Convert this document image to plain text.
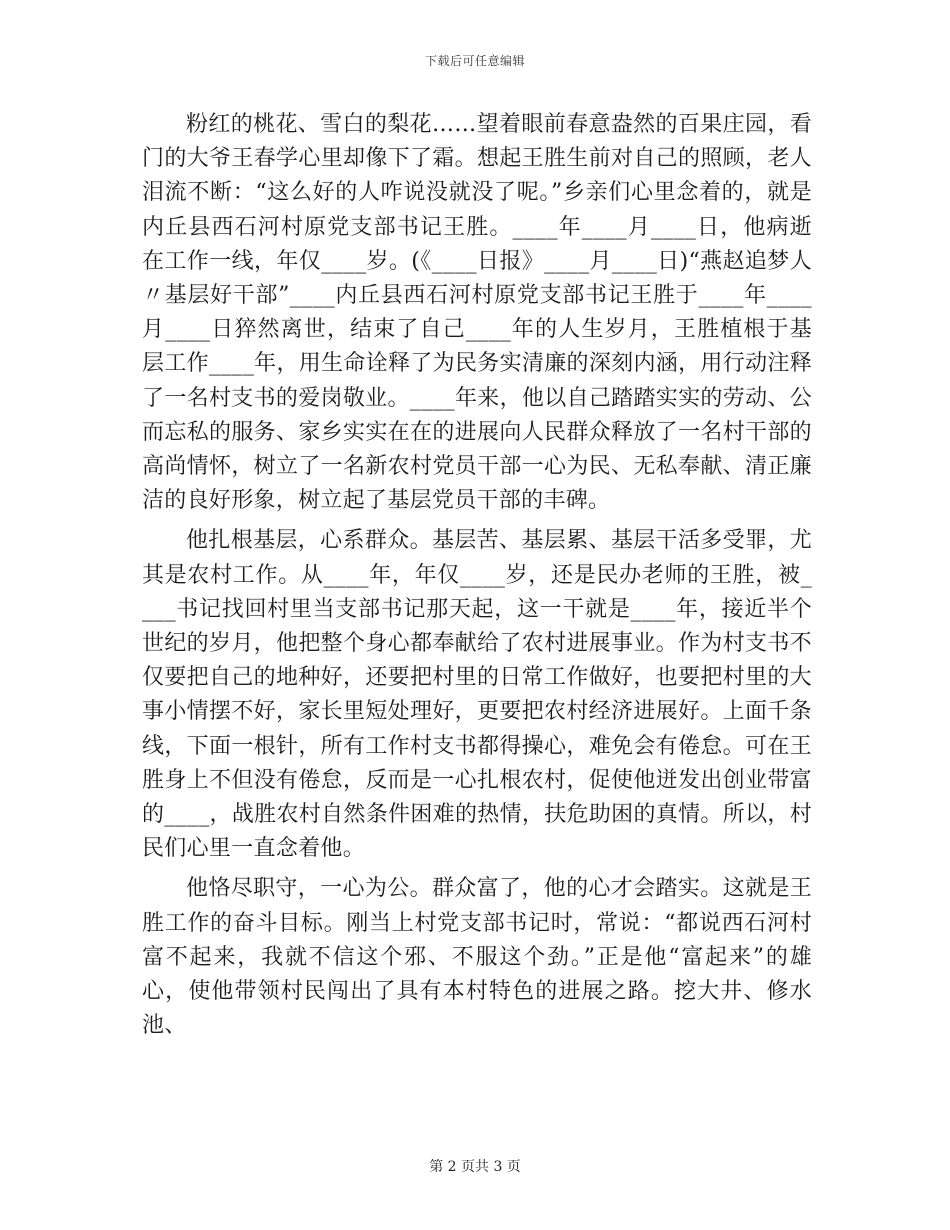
下载后可任意编辑

粉红的桃花、雪白的梨花……望着眼前春意盎然的百果庄园，看门的大爷王春学心里却像下了霜。想起王胜生前对自己的照顾，老人泪流不断：“这么好的人咋说没就没了呢。”乡亲们心里念着的，就是内丘县西石河村原党支部书记王胜。____年____月____日，他病逝在工作一线，年仅____岁。(《____日报》____月____日)“燕赵追梦人〃基层好干部”____内丘县西石河村原党支部书记王胜于____年____月____日猝然离世，结束了自己____年的人生岁月，王胜植根于基层工作____年，用生命诠释了为民务实清廉的深刻内涵，用行动注释了一名村支书的爱岗敬业。____年来，他以自己踏踏实实的劳动、公而忘私的服务、家乡实实在在的进展向人民群众释放了一名村干部的高尚情怀，树立了一名新农村党员干部一心为民、无私奉献、清正廉洁的良好形象，树立起了基层党员干部的丰碑。

他扎根基层，心系群众。基层苦、基层累、基层干活多受罪，尤其是农村工作。从____年，年仅____岁，还是民办老师的王胜，被____书记找回村里当支部书记那天起，这一干就是____年，接近半个世纪的岁月，他把整个身心都奉献给了农村进展事业。作为村支书不仅要把自己的地种好，还要把村里的日常工作做好，也要把村里的大事小情摆不好，家长里短处理好，更要把农村经济进展好。上面千条线，下面一根针，所有工作村支书都得操心，难免会有倦怠。可在王胜身上不但没有倦怠，反而是一心扎根农村，促使他迸发出创业带富的____，战胜农村自然条件困难的热情，扶危助困的真情。所以，村民们心里一直念着他。

他恪尽职守，一心为公。群众富了，他的心才会踏实。这就是王胜工作的奋斗目标。刚当上村党支部书记时，常说：“都说西石河村富不起来，我就不信这个邪、不服这个劲。”正是他“富起来”的雄心，使他带领村民闯出了具有本村特色的进展之路。挖大井、修水池、

第 2 页共 3 页
